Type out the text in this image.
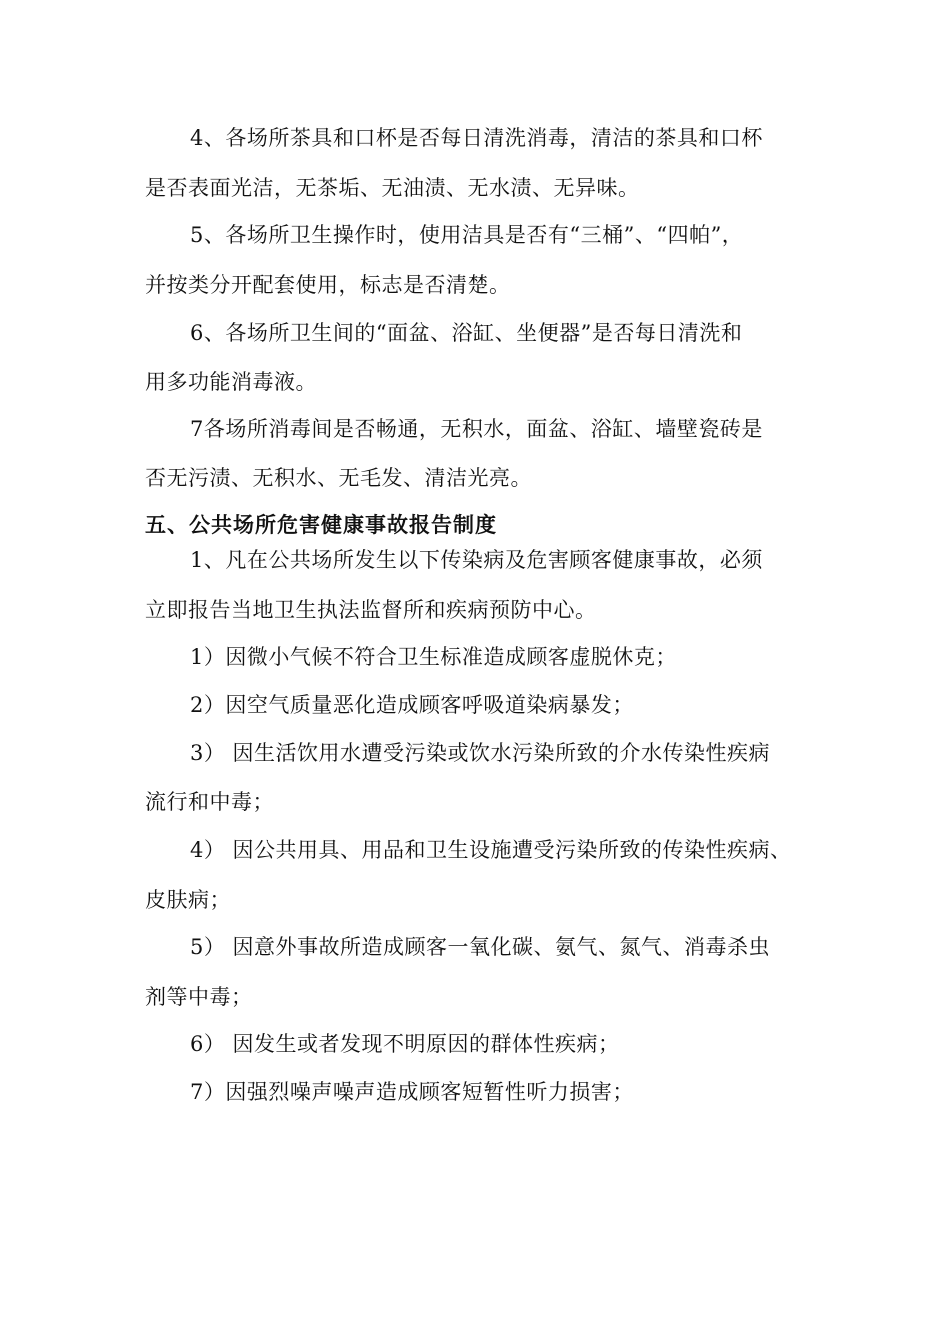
4、各场所茶具和口杯是否每日清洗消毒，清洁的茶具和口杯
是否表面光洁，无茶垢、无油渍、无水渍、无异味。
5、各场所卫生操作时，使用洁具是否有“三桶”、“四帕”，
并按类分开配套使用，标志是否清楚。
6、各场所卫生间的“面盆、浴缸、坐便器”是否每日清洗和
用多功能消毒液。
7各场所消毒间是否畅通，无积水，面盆、浴缸、墙壁瓷砖是
否无污渍、无积水、无毛发、清洁光亮。
五、公共场所危害健康事故报告制度
1、凡在公共场所发生以下传染病及危害顾客健康事故，必须
立即报告当地卫生执法监督所和疾病预防中心。
1）因微小气候不符合卫生标准造成顾客虚脱休克；
2）因空气质量恶化造成顾客呼吸道染病暴发；
3） 因生活饮用水遭受污染或饮水污染所致的介水传染性疾病
流行和中毒；
4） 因公共用具、用品和卫生设施遭受污染所致的传染性疾病、
皮肤病；
5） 因意外事故所造成顾客一氧化碳、氨气、氮气、消毒杀虫
剂等中毒；
6） 因发生或者发现不明原因的群体性疾病；
7）因强烈噪声噪声造成顾客短暂性听力损害；
